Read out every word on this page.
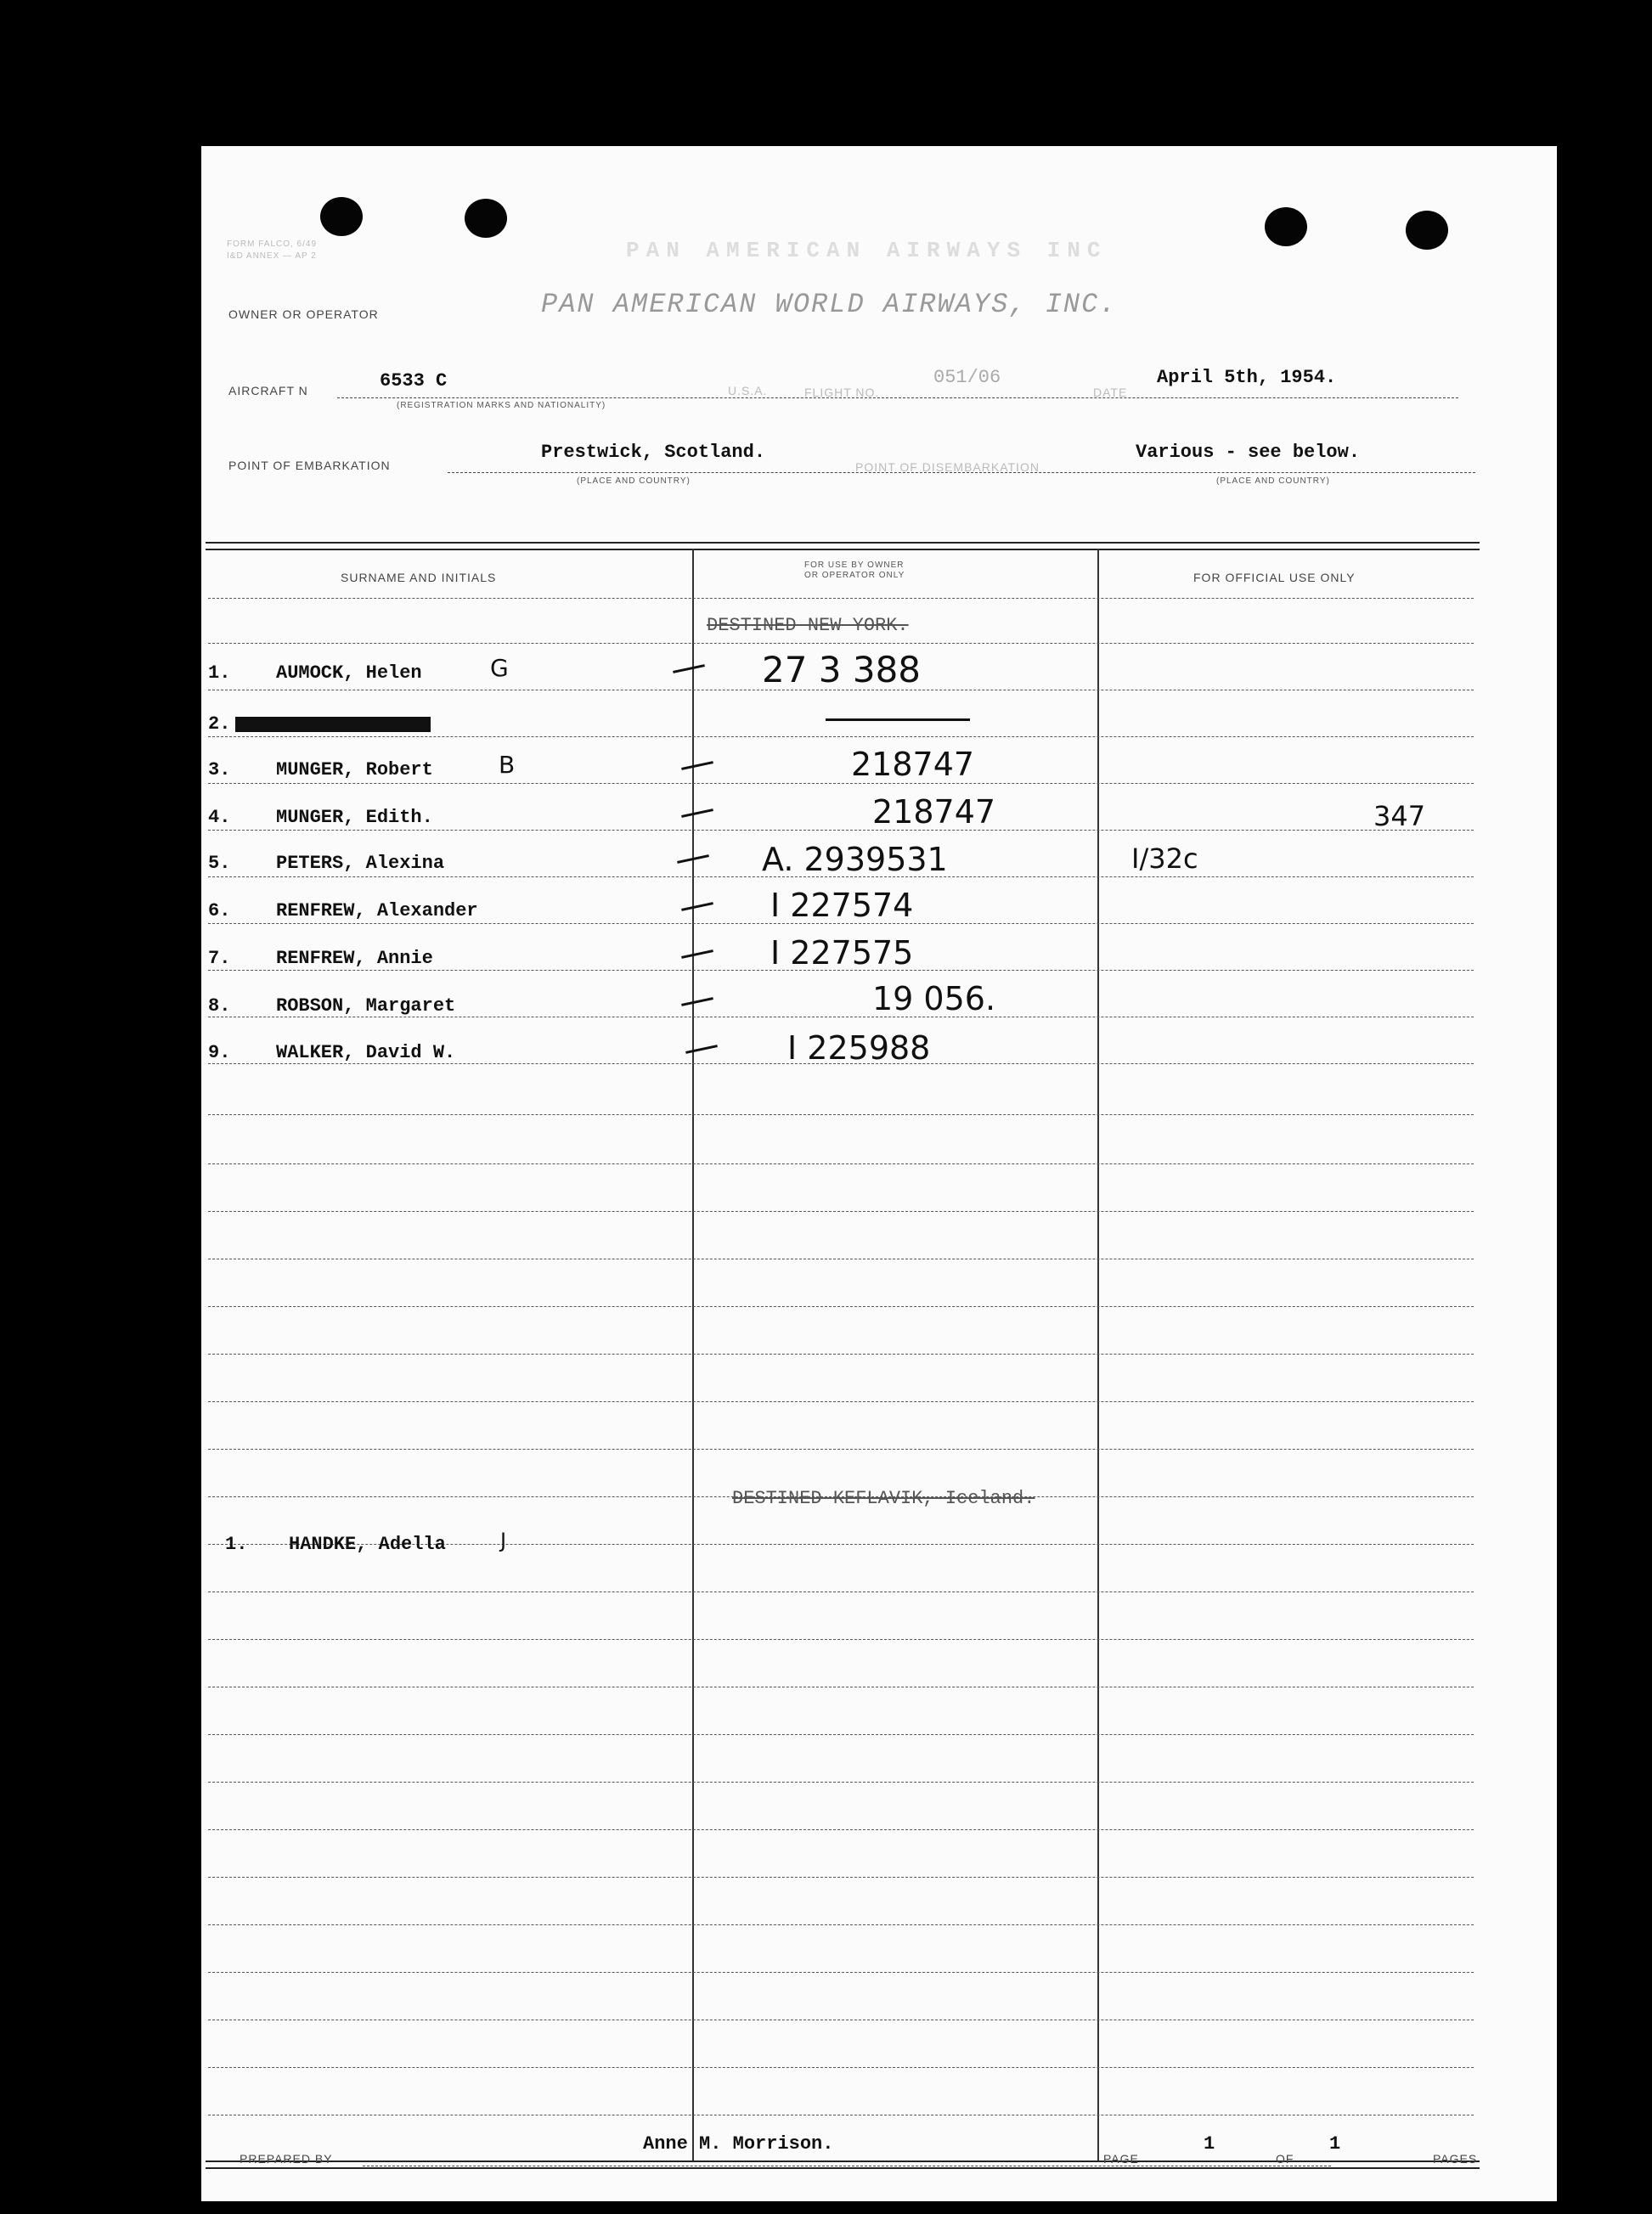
FORM FALCO, 6/49
I&D ANNEX — AP 2	PAN AMERICAN AIRWAYS INC
OWNER OR OPERATOR	PAN AMERICAN WORLD AIRWAYS, INC.
AIRCRAFT N	6533 C
(REGISTRATION MARKS AND NATIONALITY)
U.S.A.	FLIGHT NO.
051/06
DATE
April 5th, 1954.
POINT OF EMBARKATION
Prestwick, Scotland.
(PLACE AND COUNTRY)
POINT OF DISEMBARKATION
Various - see below.
(PLACE AND COUNTRY)
SURNAME AND INITIALS
FOR USE BY OWNER
OR OPERATOR ONLY	FOR OFFICIAL USE ONLY
DESTINED NEW YORK.
1. AUMOCK, Helen	G	27 3 388
2.
3. MUNGER, Robert	B	218747
4. MUNGER, Edith.	218747	347
5. PETERS, Alexina	A. 2939531	I/32c
6. RENFREW, Alexander	I 227574
7. RENFREW, Annie	I 227575
8. ROBSON, Margaret	19 056.
9. WALKER, David W.	I 225988
DESTINED KEFLAVIK, Iceland.
1. HANDKE, Adella	J
PREPARED BY
Anne M. Morrison.
PAGE
1
OF
1
PAGES
